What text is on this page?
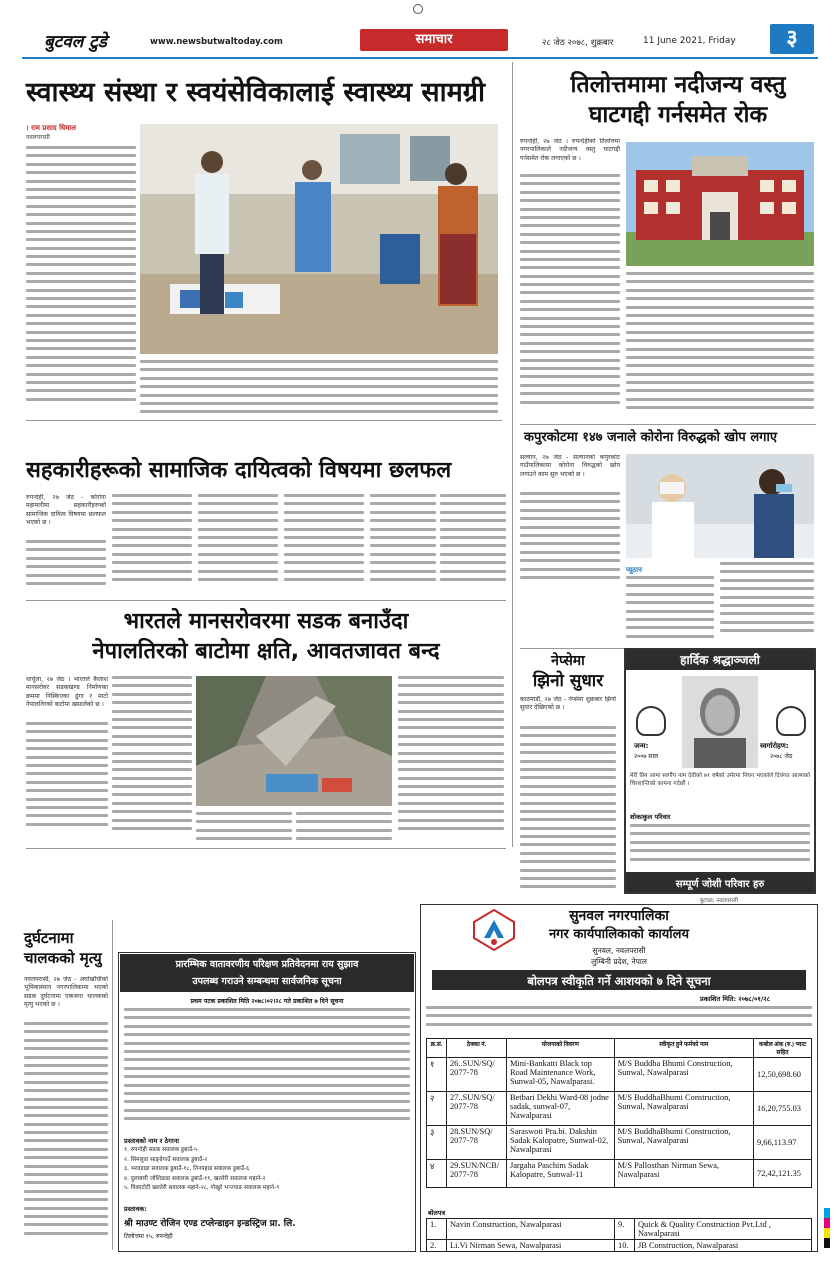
बुटवल टुडे	www.newsbutwaltoday.com	समाचार	२८ जेठ २०७८, शुक्रबार	11 June 2021, Friday	३
स्वास्थ्य संस्था र स्वयंसेविकालाई स्वास्थ्य सामग्री
। राम प्रसाद धिमाल
नवलपरासी
तिलोत्तमामा नदीजन्य वस्तु
घाटगद्दी गर्नसमेत रोक
रुपन्देही, २७ जेठ । रुपन्देहीको तिलोत्तमा नगरपालिकाले नदीजन्य वस्तु घाटगद्दी गर्नसमेत रोक लगाएको छ ।
सहकारीहरूको सामाजिक दायित्वको विषयमा छलफल
रुपन्देही, २७ जेठ - कोरोना महामारीमा सहकारीहरूको सामाजिक दायित्व विषयमा छलफल भएको छ ।
कपुरकोटमा १४७ जनाले कोरोना विरुद्धको खोप लगाए
सल्यान, २७ जेठ - सल्यानको कपुरकोट गाउँपालिकामा कोरोना विरुद्धको खोप लगाउने काम सुरु भएको छ ।
प्यूठान
भारतले मानसरोवरमा सडक बनाउँदा
नेपालतिरको बाटोमा क्षति, आवतजावत बन्द
धार्चुला, २७ जेठ । भारतले कैलाश मानसरोवर सडकखण्ड निर्माणका क्रममा निस्किएका ढुंगा र माटो नेपालतिरको बाटोमा खसालेको छ ।
नेप्सेमा
झिनो सुधार
काठमाडौं, २७ जेठ - नेप्सेमा शुक्रबार झिनो सुधार देखिएको छ ।
हार्दिक श्रद्धाञ्जली
जन्म:
२००७ साल
स्वर्गारोहण:
२०७८ जेठ
मेरी प्रिय आमा स्वर्गीय नाम देवीको ७१ वर्षको उमेरमा निधन भएकोले दिवंगत आत्माको चिरशान्तिको कामना गर्दछौं ।
शोकाकुल परिवार
सम्पूर्ण जोशी परिवार हरु
बुटवल, नवलपरासी
दुर्घटनामा
चालकको मृत्यु
नवलपरासी, २७ जेठ - अर्घाखाँचीको भूमिकास्थान नगरपालिकामा भएको सडक दुर्घटनामा एकजना चालकको मृत्यु भएको छ ।
प्रारम्भिक वातावरणीय परिक्षण प्रतिवेदनमा राय सुझाव
उपलब्ध गराउने सम्बन्धमा सार्वजनिक सूचना
प्रथम पटक प्रकाशित मिति २०७८।०२।२८ गते प्रकाशित ७ दिने सूचना
प्रस्तावको नाम र ठेगाना
१. रुपन्देही सडक सवालक डुबाउँ-५
२. सिमलुवा साङ्ग्रेगाउँ सवालक डुबाउँ-२
३. भरवडाडा सवालक डुबाउँ-१८, तिनपहाड सवालक डुबाउँ-६
४. दुलाबारी जोशिडाडा सवालक डुबाउँ-११, खल्तेरी सवालक महाने-२
५. पिकाटोटी खल्तेरी सवालक महाने-२८, गोखुरे भन्ज्याङ सवालक महाने-९
प्रस्तावक:
श्री माउण्ट रोजिन एण्ड टप्लेन्डाइन इन्डस्ट्रिज प्रा. लि.
तिलोत्तमा १५, रुपन्देही
सुनवल नगरपालिका
नगर कार्यपालिकाको कार्यालय
सुनवल, नवलपरासी
लुम्बिनी प्रदेश, नेपाल
बोलपत्र स्वीकृति गर्ने आशयको ७ दिने सूचना
प्रकाशित मिति: २०७८/०१/२८
क्र.सं.	ठेक्का नं.	योजनाको विवरण	स्वीकृत हुने फर्मको नाम	कबोल अंक (रु.) भ्याट सहित
१	26..SUN/SQ/ 2077-78	Mini-Bankatti Black top Road Maintenance Work, Sunwal-05, Nawalparasi.	M/S Buddha Bhumi Construction, Sunwal, Nawalparasi	12,50,698.60
२	27..SUN/SQ/ 2077-78	Betbari Dekhi Ward-08 jodne sadak, sunwal-07, Nawalparasi	M/S BuddhaBhumi Construction, Sunwal, Nawalparasi	16,20,755.03
३	28.SUN/SQ/ 2077-78	Saraswoti Pra.bi. Dakshin Sadak Kalopatre, Sunwal-02, Nawalparasi	M/S BuddhaBhumi Construction, Sunwal, Nawalparasi	9,66,113.97
४	29.SUN/NCB/ 2077-78	Jargaha Paschim Sadak Kalopatre, Sunwal-11	M/S Pallosthan Nirman Sewa, Nawalparasi	72,42,121.35
बोलपत्र
1.	Navin Construction, Nawalparasi	9.	Quick & Quality Construction Pvt.Ltd , Nawalparasi
2.	Li.Vi Nirman Sewa, Nawalparasi	10.	JB Construction, Nawalparasi
